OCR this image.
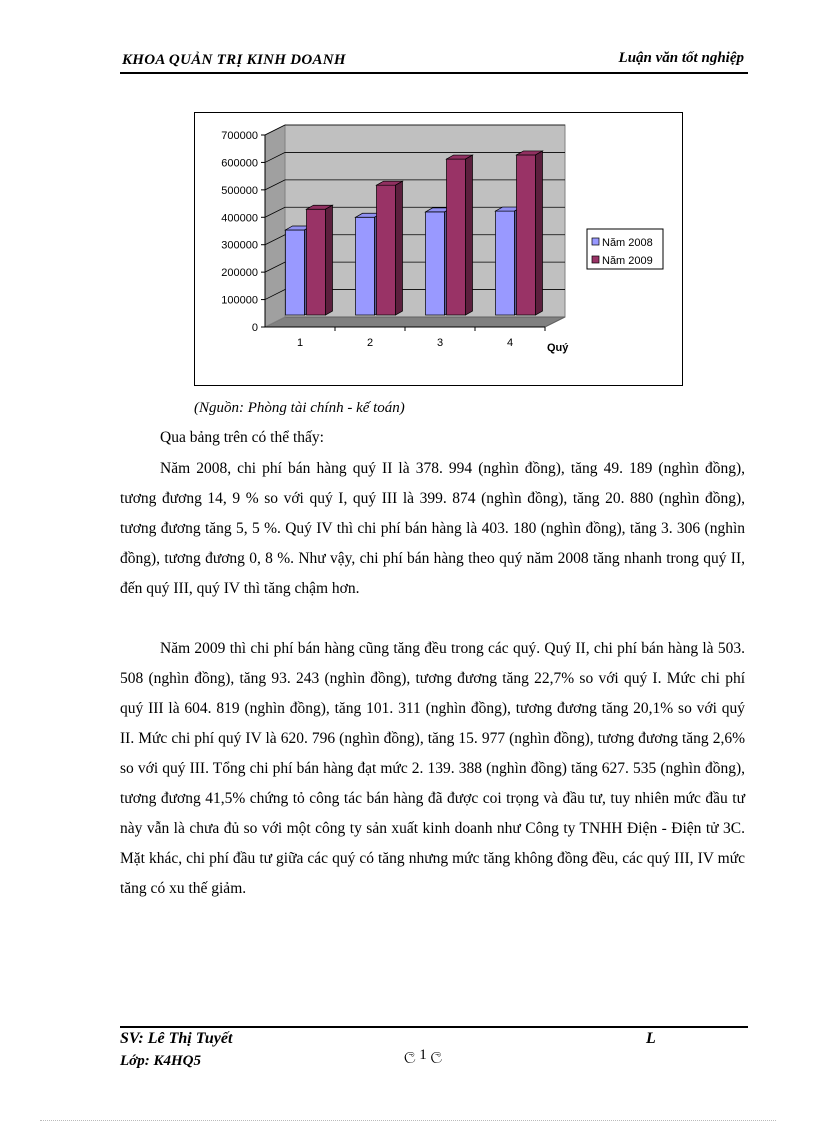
KHOA QUẢN TRỊ KINH DOANH	Luận văn tốt nghiệp
0
100000
200000
300000
400000
500000
600000
700000
1	2	3	4	Quý
Năm 2008
Năm 2009
(Nguồn: Phòng tài chính - kế toán)
Qua bảng trên có thể thấy:

Năm 2008, chi phí bán hàng quý II là 378. 994 (nghìn đồng), tăng 49. 189 (nghìn đồng), tương đương 14, 9 % so với quý I, quý III là 399. 874 (nghìn đồng), tăng 20. 880 (nghìn đồng), tương đương tăng 5, 5 %. Quý IV thì chi phí bán hàng là 403. 180 (nghìn đồng), tăng 3. 306 (nghìn đồng), tương đương 0, 8 %. Như vậy, chi phí bán hàng theo quý năm 2008 tăng nhanh trong quý II, đến quý III, quý IV thì tăng chậm hơn.

Năm 2009 thì chi phí bán hàng cũng tăng đều trong các quý. Quý II, chi phí bán hàng là 503. 508 (nghìn đồng), tăng 93. 243 (nghìn đồng), tương đương tăng 22,7% so với quý I. Mức chi phí quý III là 604. 819 (nghìn đồng), tăng 101. 311 (nghìn đồng), tương đương tăng 20,1% so với quý II. Mức chi phí quý IV là 620. 796 (nghìn đồng), tăng 15. 977 (nghìn đồng), tương đương tăng 2,6% so với quý III. Tổng chi phí bán hàng đạt mức 2. 139. 388 (nghìn đồng) tăng 627. 535 (nghìn đồng), tương đương 41,5% chứng tỏ công tác bán hàng đã được coi trọng và đầu tư, tuy nhiên mức đầu tư này vẫn là chưa đủ so với một công ty sản xuất kinh doanh như Công ty TNHH Điện - Điện tử 3C. Mặt khác, chi phí đầu tư giữa các quý có tăng nhưng mức tăng không đồng đều, các quý III, IV mức tăng có xu thế giảm.

SV: Lê Thị Tuyết
Lớp: K4HQ5
L
ල 1 ල
